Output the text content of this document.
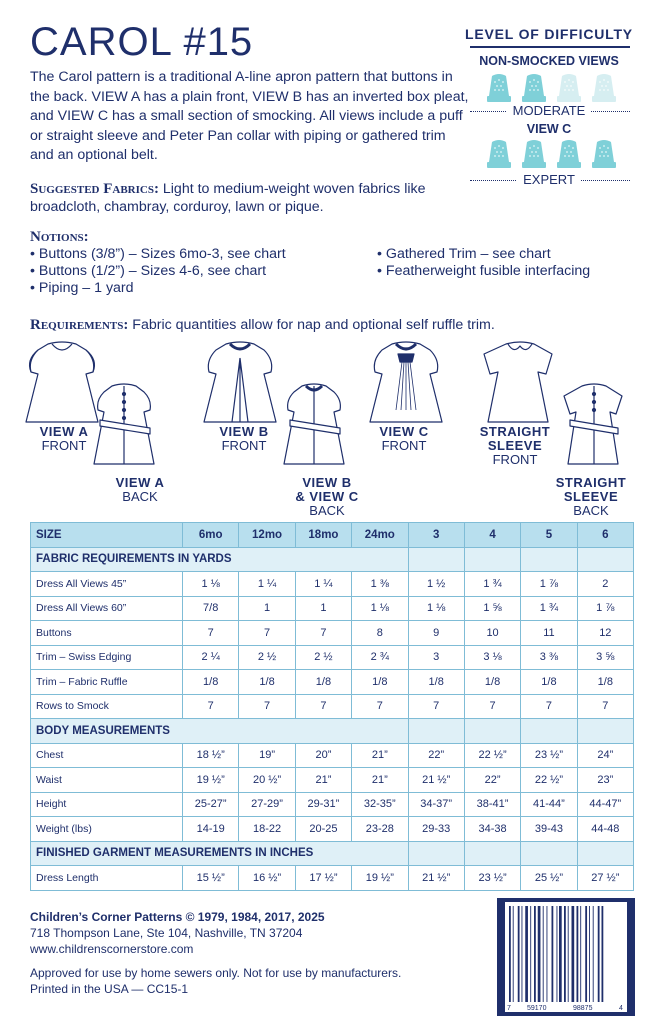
CAROL #15
The Carol pattern is a traditional A-line apron pattern that buttons in the back. VIEW A has a plain front, VIEW B has an inverted box pleat, and VIEW C has a small section of smocking. All views include a puff or straight sleeve and Peter Pan collar with piping or gathered trim and an optional belt.
LEVEL OF DIFFICULTY
NON-SMOCKED VIEWS
MODERATE
VIEW C
EXPERT
Suggested Fabrics: Light to medium-weight woven fabrics like broadcloth, chambray, corduroy, lawn or pique.
Notions:
• Buttons (3/8”) – Sizes 6mo-3, see chart
• Buttons (1/2”) – Sizes 4-6, see chart
• Piping – 1 yard
• Gathered Trim – see chart
• Featherweight fusible interfacing
Requirements: Fabric quantities allow for nap and optional self ruffle trim.
VIEW A
FRONT
VIEW A
BACK
VIEW B
FRONT
VIEW B
& VIEW C
BACK
VIEW C
FRONT
STRAIGHT
SLEEVE
FRONT
STRAIGHT
SLEEVE
BACK
SIZE	6mo	12mo	18mo	24mo	3	4	5	6
FABRIC REQUIREMENTS IN YARDS								
Dress All Views 45”	1 ⅛	1 ¼	1 ¼	1 ⅜	1 ½	1 ¾	1 ⅞	2
Dress All Views 60”	7/8	1	1	1 ⅛	1 ⅛	1 ⅝	1 ¾	1 ⅞
Buttons	7	7	7	8	9	10	11	12
Trim – Swiss Edging	2 ¼	2 ½	2 ½	2 ¾	3	3 ⅛	3 ⅜	3 ⅝
Trim – Fabric Ruffle	1/8	1/8	1/8	1/8	1/8	1/8	1/8	1/8
Rows to Smock	7	7	7	7	7	7	7	7
BODY MEASUREMENTS								
Chest	18 ½”	19”	20”	21”	22”	22 ½”	23 ½”	24”
Waist	19 ½”	20 ½”	21”	21”	21 ½”	22”	22 ½”	23”
Height	25-27”	27-29”	29-31”	32-35”	34-37”	38-41”	41-44”	44-47”
Weight (lbs)	14-19	18-22	20-25	23-28	29-33	34-38	39-43	44-48
FINISHED GARMENT MEASUREMENTS IN INCHES								
Dress Length	15 ½”	16 ½”	17 ½”	19 ½”	21 ½”	23 ½”	25 ½”	27 ½”
Children’s Corner Patterns © 1979, 1984, 2017, 2025
718 Thompson Lane, Ste 104, Nashville, TN 37204
www.childrenscornerstore.com
Approved for use by home sewers only. Not for use by manufacturers.
Printed in the USA — CC15-1
7 59170	98875	4
